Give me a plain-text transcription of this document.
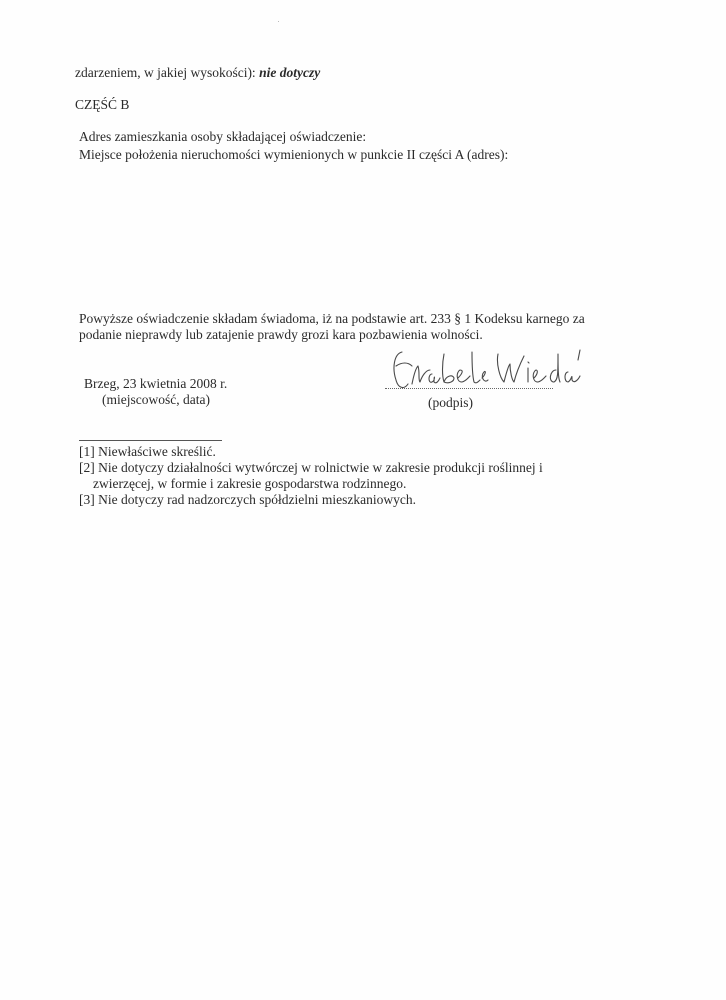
zdarzeniem, w jakiej wysokości): nie dotyczy
CZĘŚĆ B
Adres zamieszkania osoby składającej oświadczenie:
Miejsce położenia nieruchomości wymienionych w punkcie II części A (adres):
Powyższe oświadczenie składam świadoma, iż na podstawie art. 233 § 1 Kodeksu karnego za
podanie nieprawdy lub zatajenie prawdy grozi kara pozbawienia wolności.
Brzeg, 23 kwietnia 2008 r.
(miejscowość, data)	(podpis)
[1] Niewłaściwe skreślić.
[2] Nie dotyczy działalności wytwórczej w rolnictwie w zakresie produkcji roślinnej i
zwierzęcej, w formie i zakresie gospodarstwa rodzinnego.
[3] Nie dotyczy rad nadzorczych spółdzielni mieszkaniowych.
